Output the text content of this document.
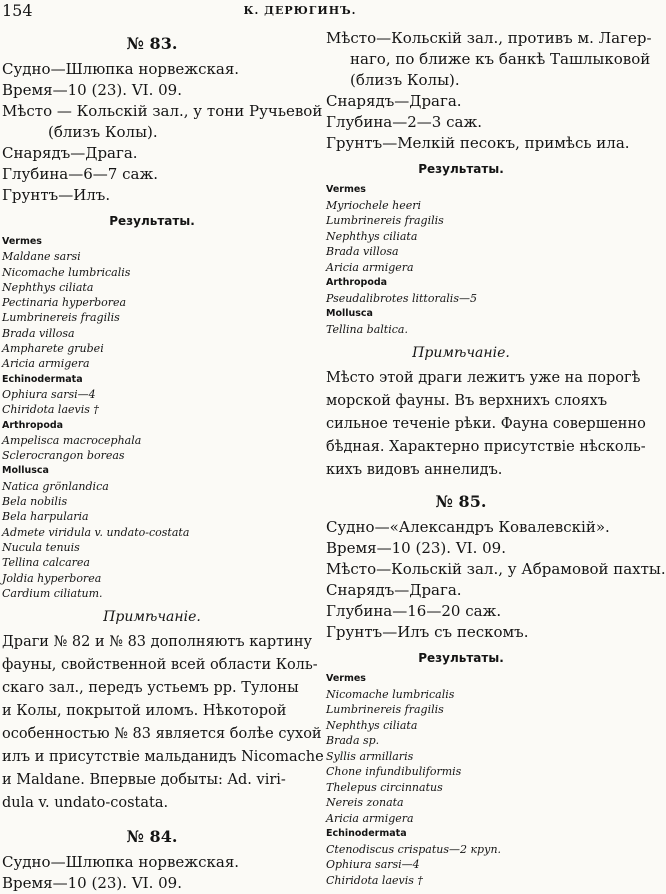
154	К. ДЕРЮГИНЪ.
№ 83.
Судно—Шлюпка норвежская.
Время—10 (23). VI. 09.
Мѣсто — Кольскій зал., у тони Ручьевой
(близъ Колы).
Снарядъ—Драга.
Глубина—6—7 саж.
Грунтъ—Илъ.
Результаты.
Vermes
Maldane sarsi
Nicomache lumbricalis
Nephthys ciliata
Pectinaria hyperborea
Lumbrinereis fragilis
Brada villosa
Ampharete grubei
Aricia armigera
Echinodermata
Ophiura sarsi—4
Chiridota laevis †
Arthropoda
Ampelisca macrocephala
Sclerocrangon boreas
Mollusca
Natica grönlandica
Bela nobilis
Bela harpularia
Admete viridula v. undato-costata
Nucula tenuis
Tellina calcarea
Joldia hyperborea
Cardium ciliatum.
Примѣчаніе.
Драги № 82 и № 83 дополняютъ картину
фауны, свойственной всей области Коль-
скаго зал., передъ устьемъ рр. Тулоны
и Колы, покрытой иломъ. Нѣкоторой
особенностью № 83 является болѣе сухой
илъ и присутствіе мальданидъ Nicomache
и Maldane. Впервые добыты: Ad. viri-
dula v. undato-costata.
№ 84.
Судно—Шлюпка норвежская.
Время—10 (23). VI. 09.
Мѣсто—Кольскій зал., противъ м. Лагер-
наго, по ближе къ банкѣ Ташлыковой
(близъ Колы).
Снарядъ—Драга.
Глубина—2—3 саж.
Грунтъ—Мелкій песокъ, примѣсь ила.
Результаты.
Vermes
Myriochele heeri
Lumbrinereis fragilis
Nephthys ciliata
Brada villosa
Aricia armigera
Arthropoda
Pseudalibrotes littoralis—5
Mollusca
Tellina baltica.
Примѣчаніе.
Мѣсто этой драги лежитъ уже на порогѣ
морской фауны. Въ верхнихъ слояхъ
сильное теченіе рѣки. Фауна совершенно
бѣдная. Характерно присутствіе нѣсколь-
кихъ видовъ аннелидъ.
№ 85.
Судно—«Александръ Ковалевскій».
Время—10 (23). VI. 09.
Мѣсто—Кольскій зал., у Абрамовой пахты.
Снарядъ—Драга.
Глубина—16—20 саж.
Грунтъ—Илъ съ пескомъ.
Результаты.
Vermes
Nicomache lumbricalis
Lumbrinereis fragilis
Nephthys ciliata
Brada sp.
Syllis armillaris
Chone infundibuliformis
Thelepus circinnatus
Nereis zonata
Aricia armigera
Echinodermata
Ctenodiscus crispatus—2 круп.
Ophiura sarsi—4
Chiridota laevis †
